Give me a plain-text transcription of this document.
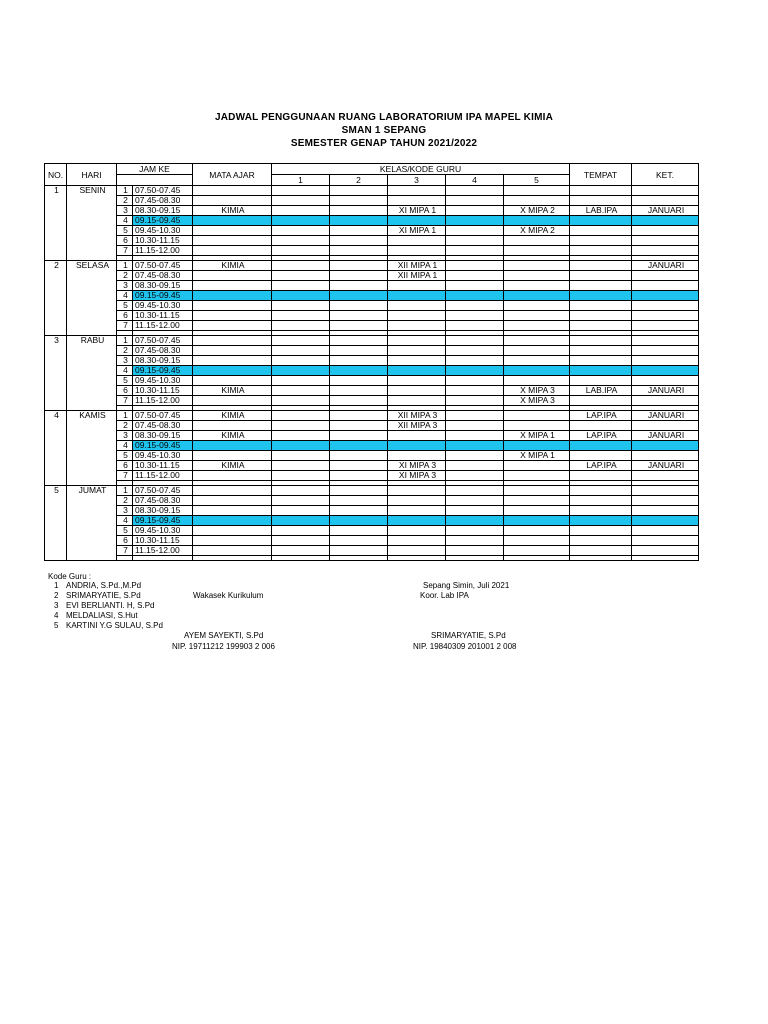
JADWAL PENGGUNAAN RUANG LABORATORIUM IPA MAPEL KIMIA
SMAN 1 SEPANG
SEMESTER GENAP TAHUN 2021/2022
NO.	HARI	JAM KE		MATA AJAR	KELAS/KODE GURU					TEMPAT	KET.
					1	2	3	4	5		
1	SENIN	1	07.50-07.45								
		2	07.45-08.30								
		3	08.30-09.15	KIMIA			XI MIPA 1		X MIPA 2	LAB.IPA	JANUARI
		4	09.15-09.45								
		5	09.45-10.30				XI MIPA 1		X MIPA 2		
		6	10.30-11.15								
		7	11.15-12.00								

2	SELASA	1	07.50-07.45	KIMIA			XII MIPA 1				JANUARI
		2	07.45-08.30				XII MIPA 1				
		3	08.30-09.15								
		4	09.15-09.45								
		5	09.45-10.30								
		6	10.30-11.15								
		7	11.15-12.00								

3	RABU	1	07.50-07.45								
		2	07.45-08.30								
		3	08.30-09.15								
		4	09.15-09.45								
		5	09.45-10.30								
		6	10.30-11.15	KIMIA					X MIPA 3	LAB.IPA	JANUARI
		7	11.15-12.00						X MIPA 3		

4	KAMIS	1	07.50-07.45	KIMIA			XII MIPA 3			LAP.IPA	JANUARI
		2	07.45-08.30				XII MIPA 3				
		3	08.30-09.15	KIMIA					X MIPA 1	LAP.IPA	JANUARI
		4	09.15-09.45								
		5	09.45-10.30						X MIPA 1		
		6	10.30-11.15	KIMIA			XI MIPA 3			LAP.IPA	JANUARI
		7	11.15-12.00				XI MIPA 3				

5	JUMAT	1	07.50-07.45								
		2	07.45-08.30								
		3	08.30-09.15								
		4	09.15-09.45								
		5	09.45-10.30								
		6	10.30-11.15								
		7	11.15-12.00								

Kode Guru :
1 ANDRIA, S.Pd.,M.Pd
2 SRIMARYATIE, S.Pd
3 EVI BERLIANTI. H, S.Pd
4 MELDALIASI, S.Hut
5 KARTINI Y.G SULAU, S.Pd
Wakasek Kurikulum
AYEM SAYEKTI, S.Pd
NIP. 19711212 199903 2 006
Sepang Simin, Juli 2021
Koor. Lab IPA
SRIMARYATIE, S.Pd
NIP. 19840309 201001 2 008
